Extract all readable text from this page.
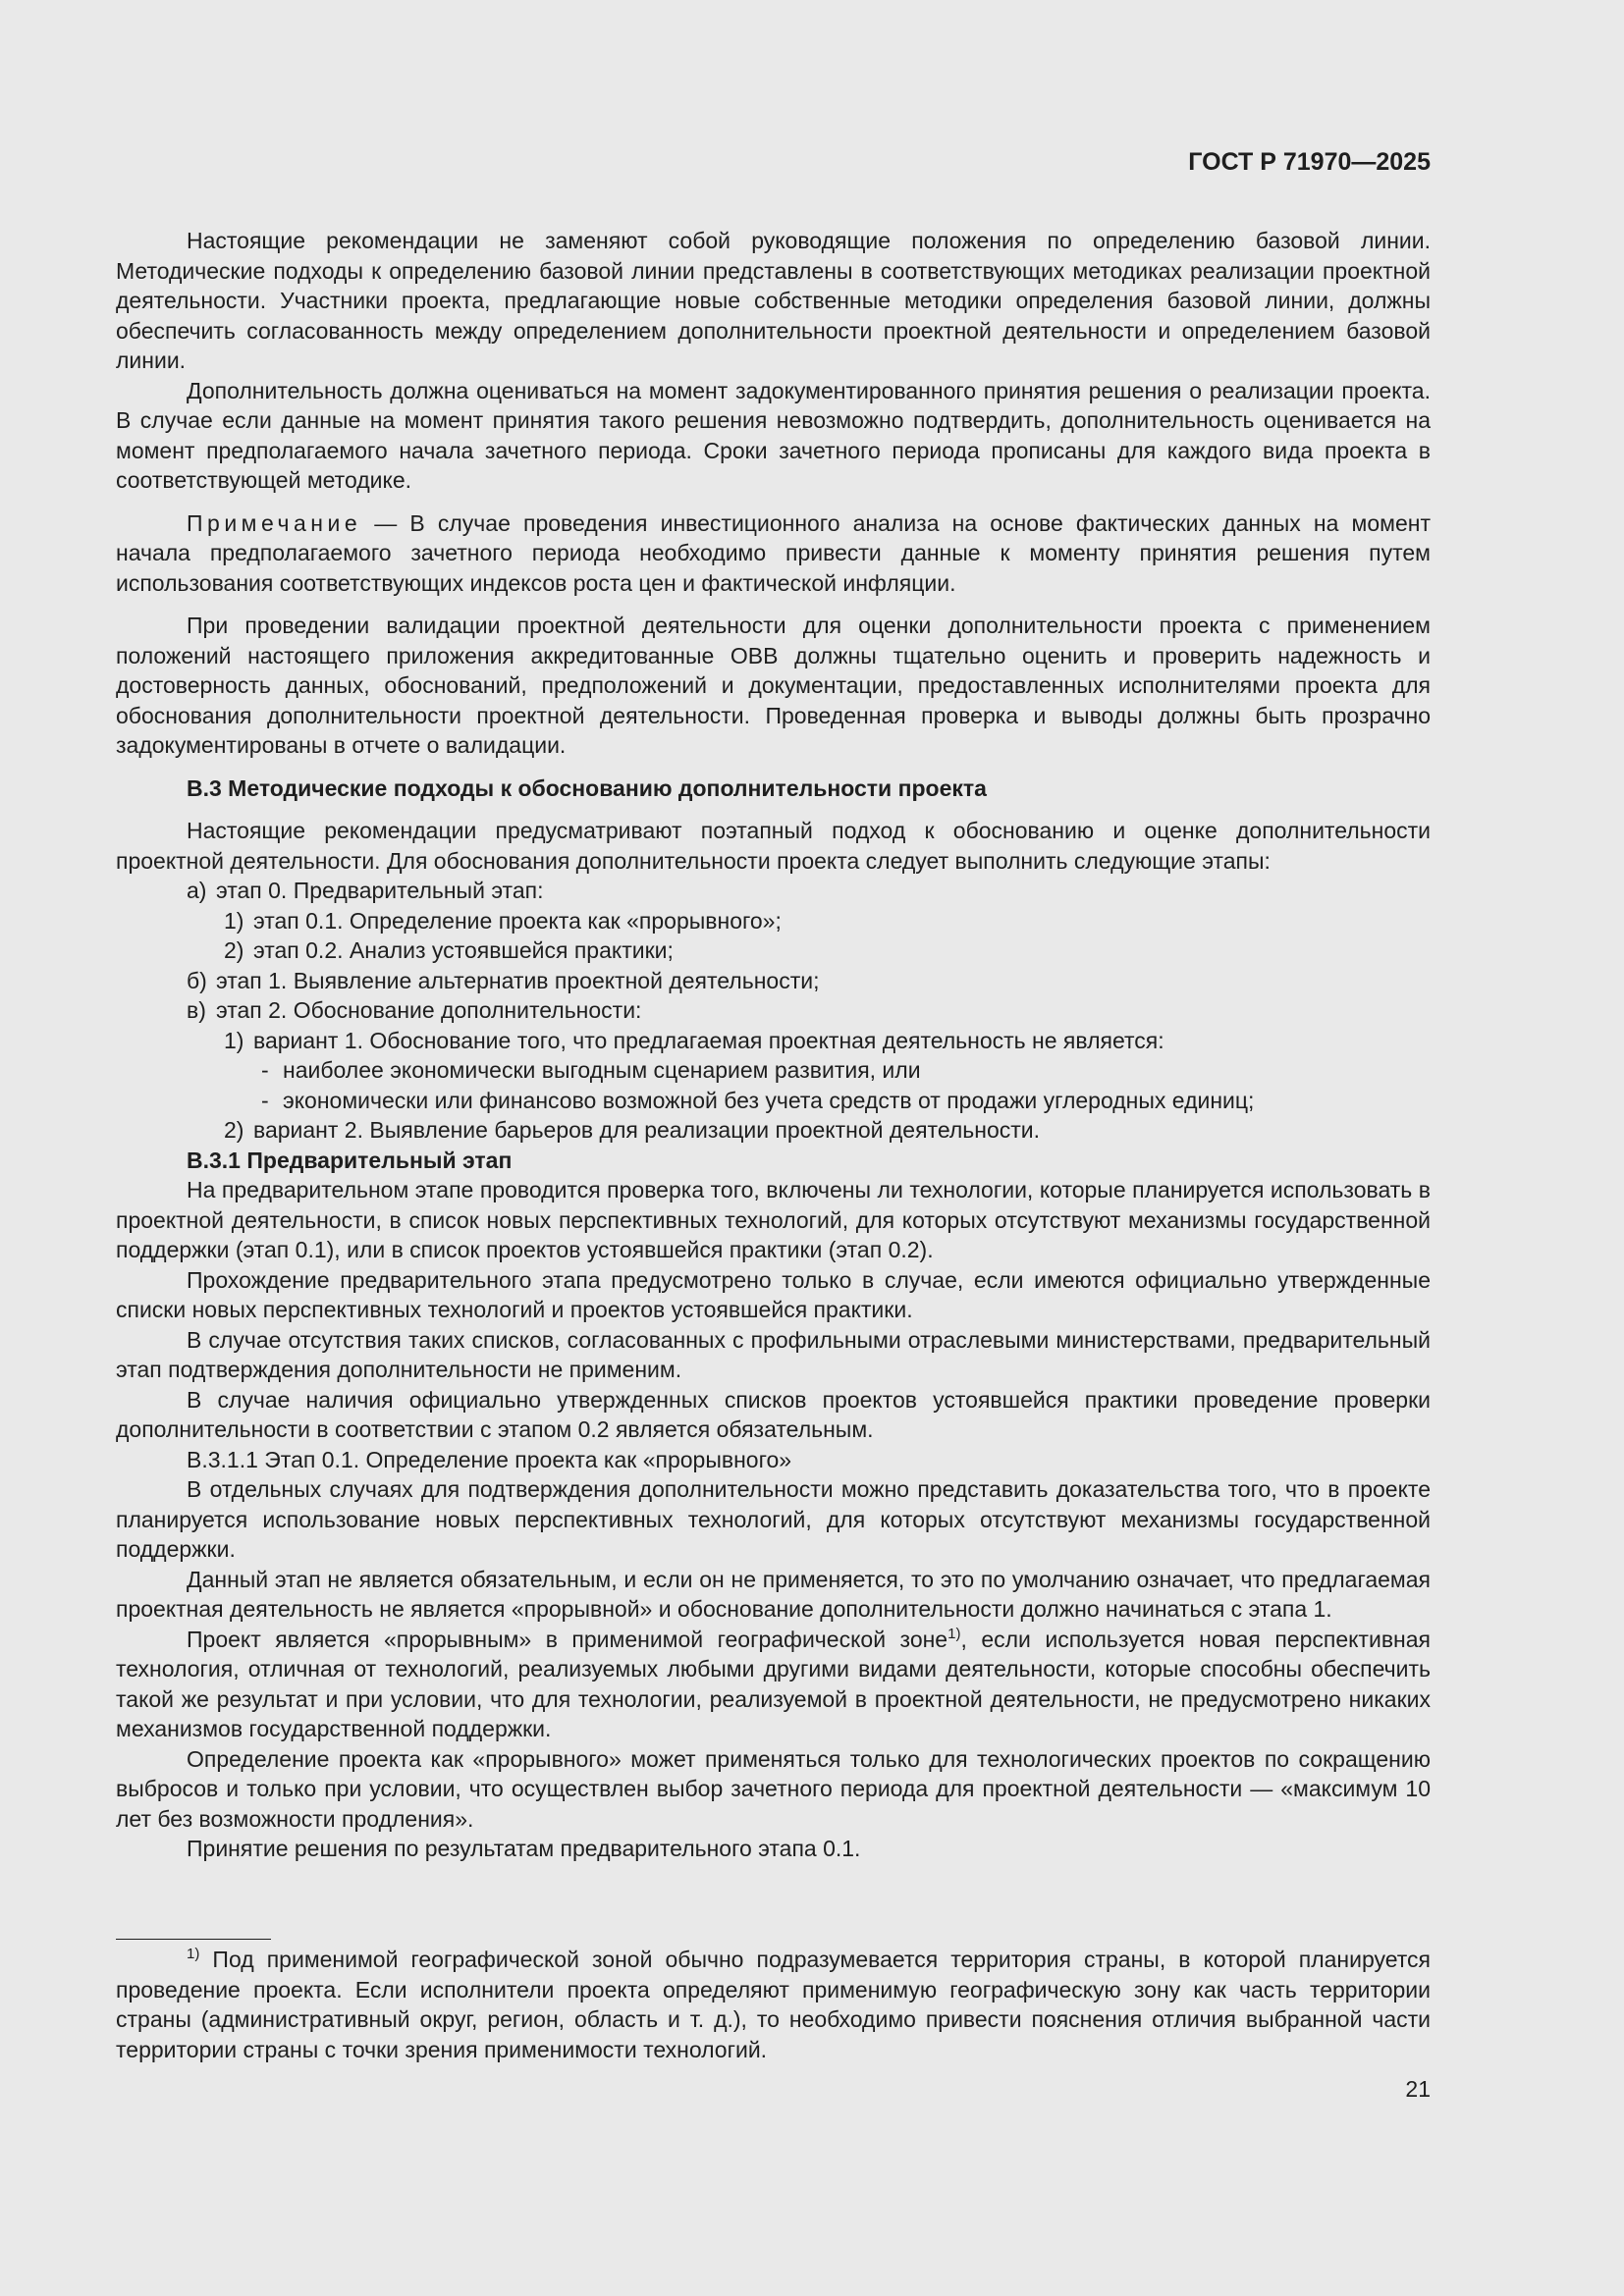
ГОСТ Р 71970—2025

Настоящие рекомендации не заменяют собой руководящие положения по определению базовой линии. Методические подходы к определению базовой линии представлены в соответствующих методиках реализации проектной деятельности. Участники проекта, предлагающие новые собственные методики определения базовой линии, должны обеспечить согласованность между определением дополнительности проектной деятельности и определением базовой линии.

Дополнительность должна оцениваться на момент задокументированного принятия решения о реализации проекта. В случае если данные на момент принятия такого решения невозможно подтвердить, дополнительность оценивается на момент предполагаемого начала зачетного периода. Сроки зачетного периода прописаны для каждого вида проекта в соответствующей методике.

Примечание — В случае проведения инвестиционного анализа на основе фактических данных на момент начала предполагаемого зачетного периода необходимо привести данные к моменту принятия решения путем использования соответствующих индексов роста цен и фактической инфляции.

При проведении валидации проектной деятельности для оценки дополнительности проекта с применением положений настоящего приложения аккредитованные ОВВ должны тщательно оценить и проверить надежность и достоверность данных, обоснований, предположений и документации, предоставленных исполнителями проекта для обоснования дополнительности проектной деятельности. Проведенная проверка и выводы должны быть прозрачно задокументированы в отчете о валидации.

В.3 Методические подходы к обоснованию дополнительности проекта

Настоящие рекомендации предусматривают поэтапный подход к обоснованию и оценке дополнительности проектной деятельности. Для обоснования дополнительности проекта следует выполнить следующие этапы:

а) этап 0. Предварительный этап:
1) этап 0.1. Определение проекта как «прорывного»;
2) этап 0.2. Анализ устоявшейся практики;
б) этап 1. Выявление альтернатив проектной деятельности;
в) этап 2. Обоснование дополнительности:
1) вариант 1. Обоснование того, что предлагаемая проектная деятельность не является:
- наиболее экономически выгодным сценарием развития, или
- экономически или финансово возможной без учета средств от продажи углеродных единиц;
2) вариант 2. Выявление барьеров для реализации проектной деятельности.
В.3.1 Предварительный этап

На предварительном этапе проводится проверка того, включены ли технологии, которые планируется использовать в проектной деятельности, в список новых перспективных технологий, для которых отсутствуют механизмы государственной поддержки (этап 0.1), или в список проектов устоявшейся практики (этап 0.2).

Прохождение предварительного этапа предусмотрено только в случае, если имеются официально утвержденные списки новых перспективных технологий и проектов устоявшейся практики.

В случае отсутствия таких списков, согласованных с профильными отраслевыми министерствами, предварительный этап подтверждения дополнительности не применим.

В случае наличия официально утвержденных списков проектов устоявшейся практики проведение проверки дополнительности в соответствии с этапом 0.2 является обязательным.

В.3.1.1 Этап 0.1. Определение проекта как «прорывного»

В отдельных случаях для подтверждения дополнительности можно представить доказательства того, что в проекте планируется использование новых перспективных технологий, для которых отсутствуют механизмы государственной поддержки.

Данный этап не является обязательным, и если он не применяется, то это по умолчанию означает, что предлагаемая проектная деятельность не является «прорывной» и обоснование дополнительности должно начинаться с этапа 1.

Проект является «прорывным» в применимой географической зоне$^{1)}$, если используется новая перспективная технология, отличная от технологий, реализуемых любыми другими видами деятельности, которые способны обеспечить такой же результат и при условии, что для технологии, реализуемой в проектной деятельности, не предусмотрено никаких механизмов государственной поддержки.

Определение проекта как «прорывного» может применяться только для технологических проектов по сокращению выбросов и только при условии, что осуществлен выбор зачетного периода для проектной деятельности — «максимум 10 лет без возможности продления».

Принятие решения по результатам предварительного этапа 0.1.

$^{1)}$ Под применимой географической зоной обычно подразумевается территория страны, в которой планируется проведение проекта. Если исполнители проекта определяют применимую географическую зону как часть территории страны (административный округ, регион, область и т. д.), то необходимо привести пояснения отличия выбранной части территории страны с точки зрения применимости технологий.

21
